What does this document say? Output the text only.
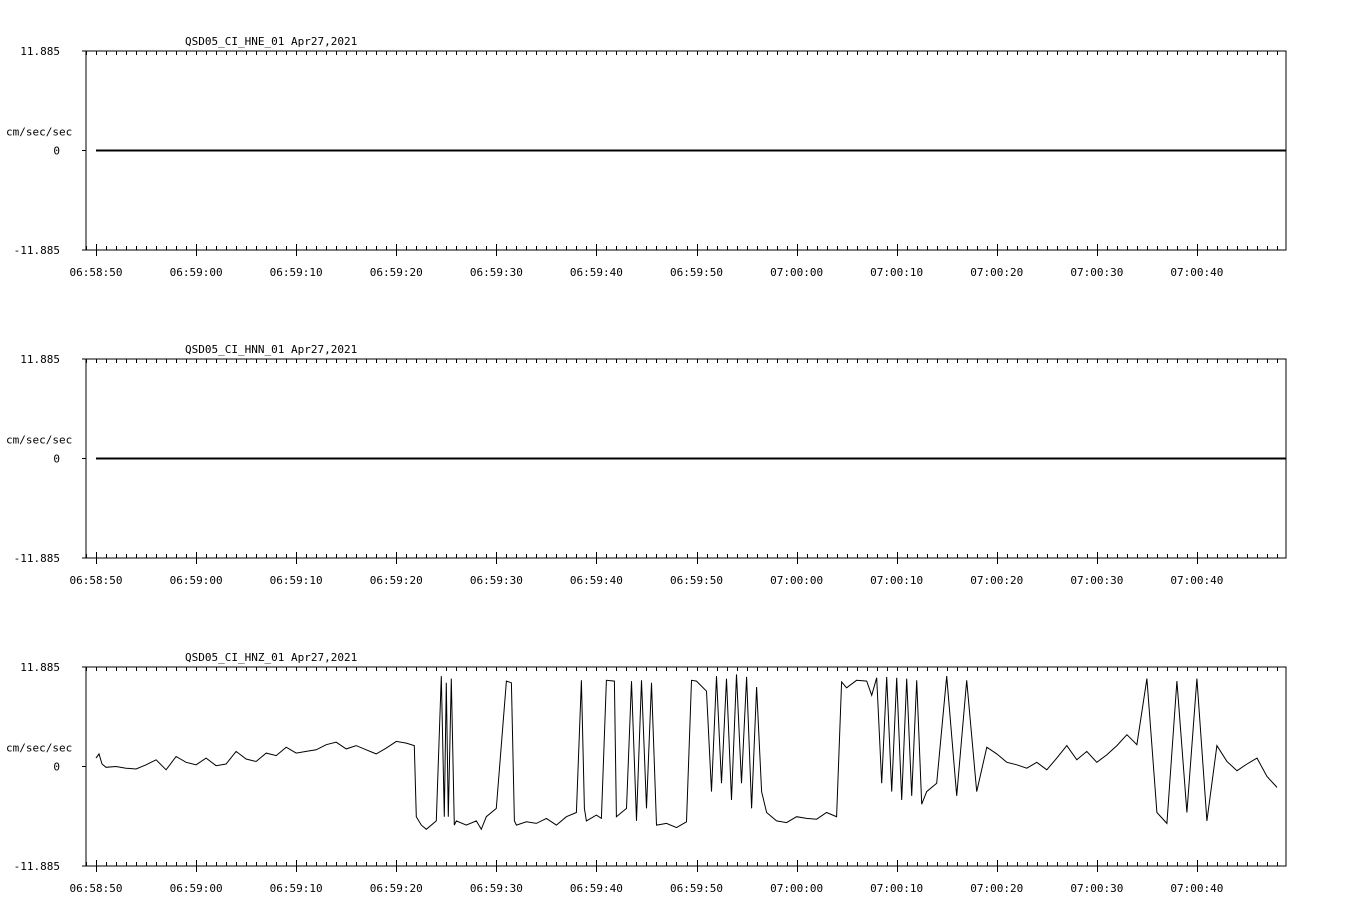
QSD05_CI_HNE_01 Apr27,2021
11.885
0
-11.885
cm/sec/sec
06:58:50	06:59:00	06:59:10	06:59:20	06:59:30	06:59:40	06:59:50	07:00:00	07:00:10	07:00:20	07:00:30	07:00:40
QSD05_CI_HNN_01 Apr27,2021
11.885
0
-11.885
cm/sec/sec
06:58:50	06:59:00	06:59:10	06:59:20	06:59:30	06:59:40	06:59:50	07:00:00	07:00:10	07:00:20	07:00:30	07:00:40
QSD05_CI_HNZ_01 Apr27,2021
11.885
0
-11.885
cm/sec/sec
06:58:50	06:59:00	06:59:10	06:59:20	06:59:30	06:59:40	06:59:50	07:00:00	07:00:10	07:00:20	07:00:30	07:00:40
